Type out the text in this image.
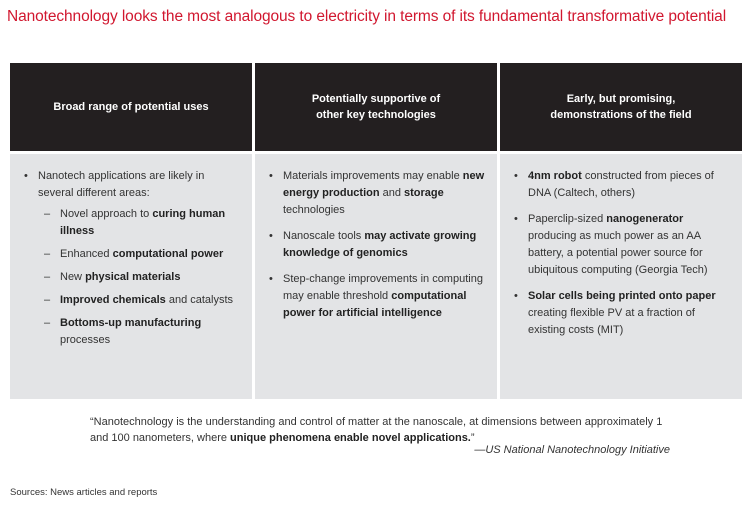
Nanotechnology looks the most analogous to electricity in terms of its fundamental transformative potential
Broad range of potential uses
• Nanotech applications are likely in several different areas:
– Novel approach to curing human illness
– Enhanced computational power
– New physical materials
– Improved chemicals and catalysts
– Bottoms-up manufacturing processes
Potentially supportive of
other key technologies
• Materials improvements may enable new energy production and storage technologies
• Nanoscale tools may activate growing knowledge of genomics
• Step-change improvements in computing may enable threshold computational power for artificial intelligence
Early, but promising,
demonstrations of the field
• 4nm robot constructed from pieces of DNA (Caltech, others)
• Paperclip-sized nanogenerator producing as much power as an AA battery, a potential power source for ubiquitous computing (Georgia Tech)
• Solar cells being printed onto paper creating flexible PV at a fraction of existing costs (MIT)
“Nanotechnology is the understanding and control of matter at the nanoscale, at dimensions between approximately 1 and 100 nanometers, where unique phenomena enable novel applications.”
—US National Nanotechnology Initiative
Sources: News articles and reports
